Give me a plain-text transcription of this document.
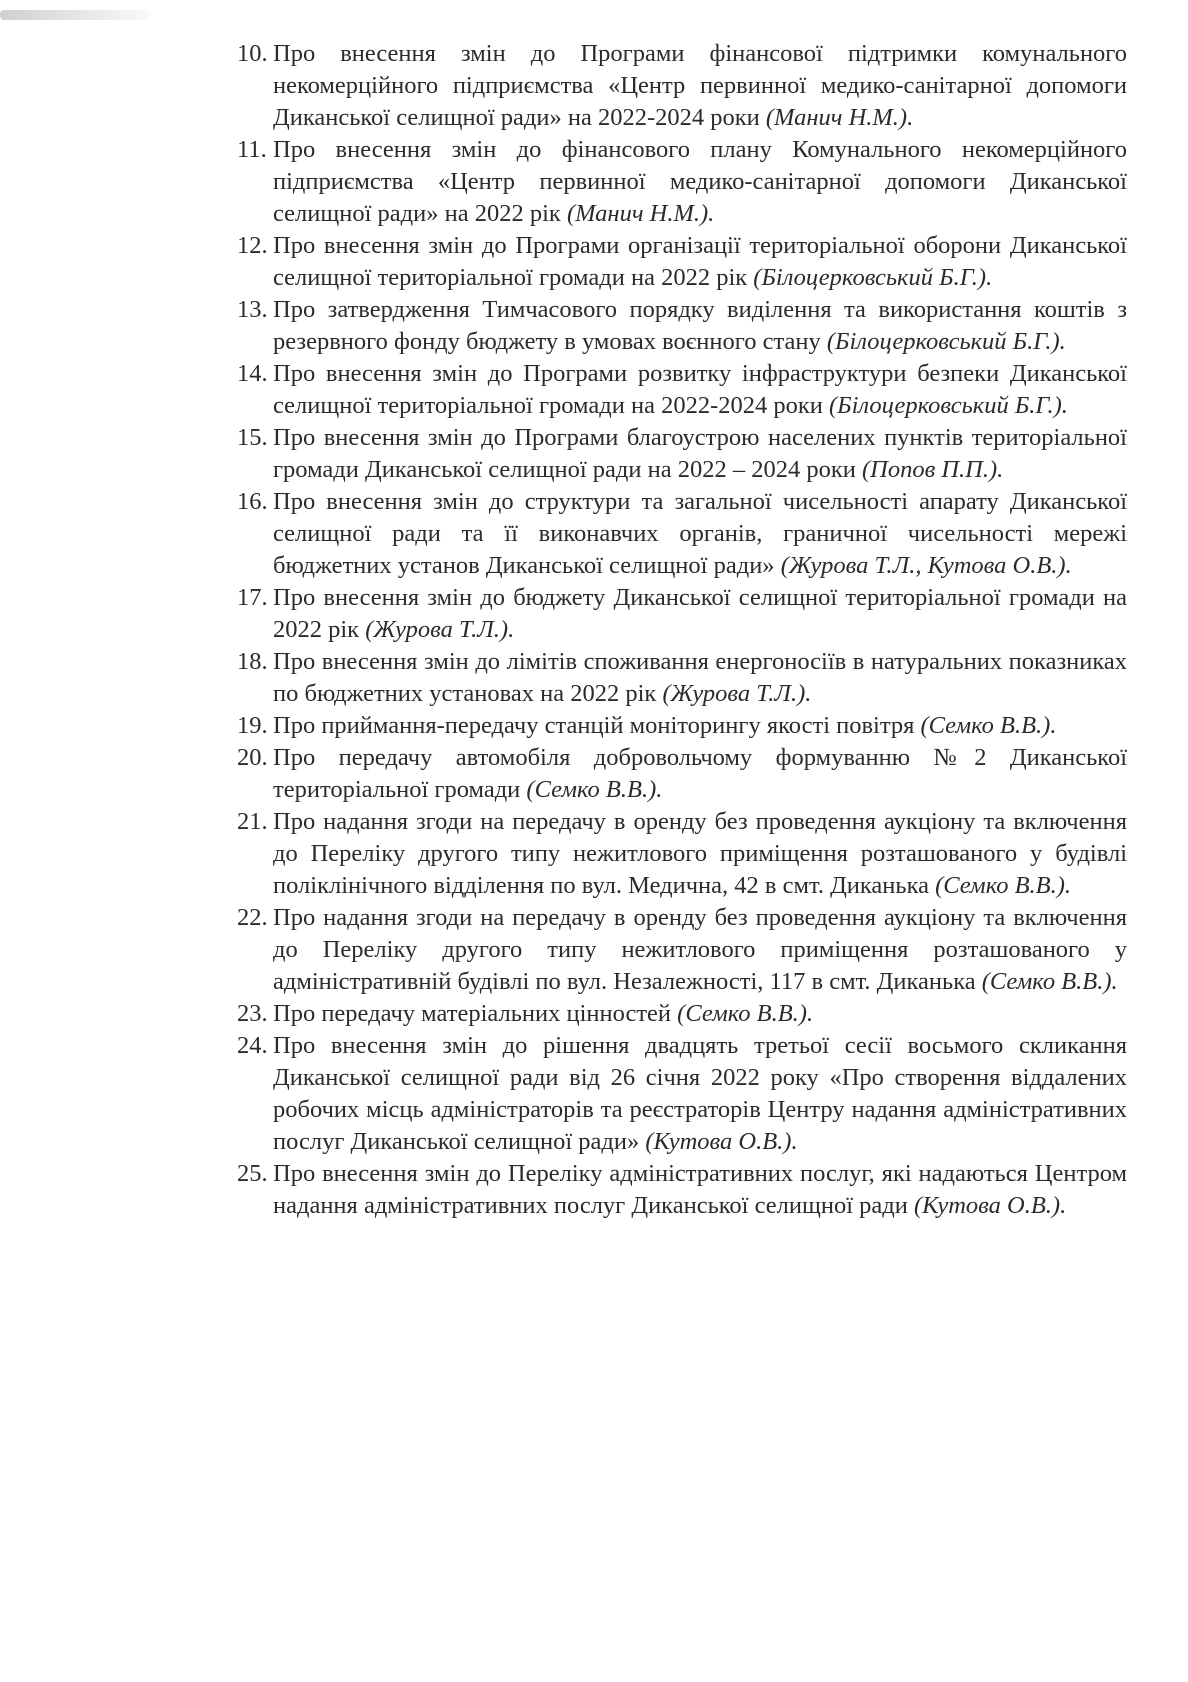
10. Про внесення змін до Програми фінансової підтримки комунального некомерційного підприємства «Центр первинної медико-санітарної допомоги Диканської селищної ради» на 2022-2024 роки (Манич Н.М.).
11. Про внесення змін до фінансового плану Комунального некомерційного підприємства «Центр первинної медико-санітарної допомоги Диканської селищної ради» на 2022 рік (Манич Н.М.).
12. Про внесення змін до Програми організації територіальної оборони Диканської селищної територіальної громади на 2022 рік (Білоцерковський Б.Г.).
13. Про затвердження Тимчасового порядку виділення та використання коштів з резервного фонду бюджету в умовах воєнного стану (Білоцерковський Б.Г.).
14. Про внесення змін до Програми розвитку інфраструктури безпеки Диканської селищної територіальної громади на 2022-2024 роки (Білоцерковський Б.Г.).
15. Про внесення змін до Програми благоустрою населених пунктів територіальної громади Диканської селищної ради на 2022 – 2024 роки (Попов П.П.).
16. Про внесення змін до структури та загальної чисельності апарату Диканської селищної ради та її виконавчих органів, граничної чисельності мережі бюджетних установ Диканської селищної ради» (Журова Т.Л., Кутова О.В.).
17. Про внесення змін до бюджету Диканської селищної територіальної громади на 2022 рік (Журова Т.Л.).
18. Про внесення змін до лімітів споживання енергоносіїв в натуральних показниках по бюджетних установах на 2022 рік (Журова Т.Л.).
19. Про приймання-передачу станцій моніторингу якості повітря (Семко В.В.).
20. Про передачу автомобіля добровольчому формуванню №2 Диканської територіальної громади (Семко В.В.).
21. Про надання згоди на передачу в оренду без проведення аукціону та включення до Переліку другого типу нежитлового приміщення розташованого у будівлі поліклінічного відділення по вул. Медична, 42 в смт. Диканька (Семко В.В.).
22. Про надання згоди на передачу в оренду без проведення аукціону та включення до Переліку другого типу нежитлового приміщення розташованого у адміністративній будівлі по вул. Незалежності, 117 в смт. Диканька (Семко В.В.).
23. Про передачу матеріальних цінностей (Семко В.В.).
24. Про внесення змін до рішення двадцять третьої сесії восьмого скликання Диканської селищної ради від 26 січня 2022 року «Про створення віддалених робочих місць адміністраторів та реєстраторів Центру надання адміністративних послуг Диканської селищної ради» (Кутова О.В.).
25. Про внесення змін до Переліку адміністративних послуг, які надаються Центром надання адміністративних послуг Диканської селищної ради (Кутова О.В.).
